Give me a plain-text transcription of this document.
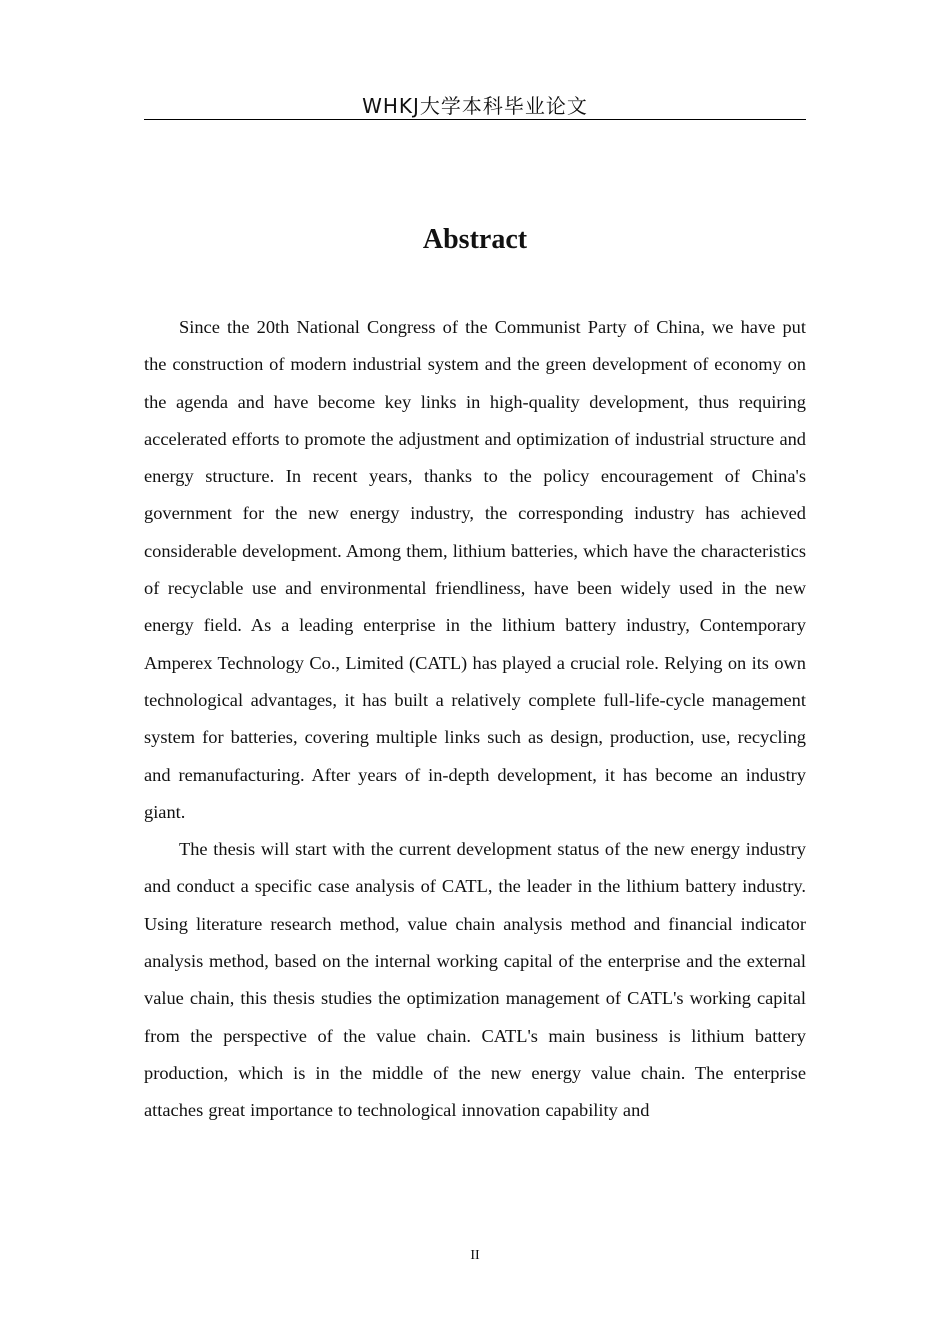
WHKJ大学本科毕业论文
Abstract

Since the 20th National Congress of the Communist Party of China, we have put the construction of modern industrial system and the green development of economy on the agenda and have become key links in high-quality development, thus requiring accelerated efforts to promote the adjustment and optimization of industrial structure and energy structure. In recent years, thanks to the policy encouragement of China's government for the new energy industry, the corresponding industry has achieved considerable development. Among them, lithium batteries, which have the characteristics of recyclable use and environmental friendliness, have been widely used in the new energy field. As a leading enterprise in the lithium battery industry, Contemporary Amperex Technology Co., Limited (CATL) has played a crucial role. Relying on its own technological advantages, it has built a relatively complete full-life-cycle management system for batteries, covering multiple links such as design, production, use, recycling and remanufacturing. After years of in-depth development, it has become an industry giant.

The thesis will start with the current development status of the new energy industry and conduct a specific case analysis of CATL, the leader in the lithium battery industry. Using literature research method, value chain analysis method and financial indicator analysis method, based on the internal working capital of the enterprise and the external value chain, this thesis studies the optimization management of CATL's working capital from the perspective of the value chain. CATL's main business is lithium battery production, which is in the middle of the new energy value chain. The enterprise attaches great importance to technological innovation capability and

II
